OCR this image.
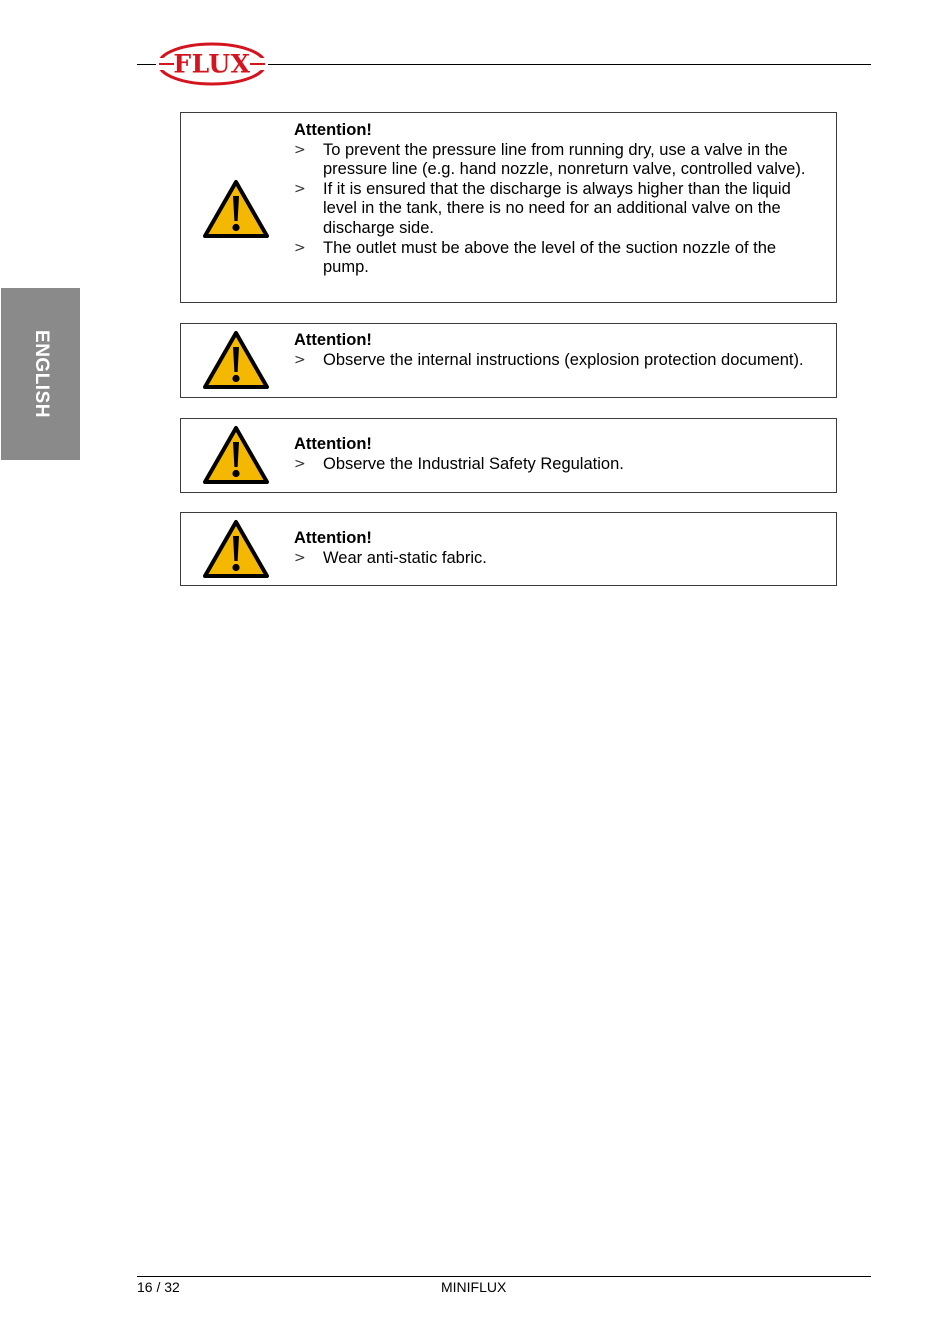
FLUX
ENGLISH
Attention!
> To prevent the pressure line from running dry, use a valve in the pressure line (e.g. hand nozzle, nonreturn valve, controlled valve).
> If it is ensured that the discharge is always higher than the liquid level in the tank, there is no need for an additional valve on the discharge side.
> The outlet must be above the level of the suction nozzle of the pump.
Attention!
> Observe the internal instructions (explosion protection document).
Attention!
> Observe the Industrial Safety Regulation.
Attention!
> Wear anti-static fabric.
16 / 32	MINIFLUX
